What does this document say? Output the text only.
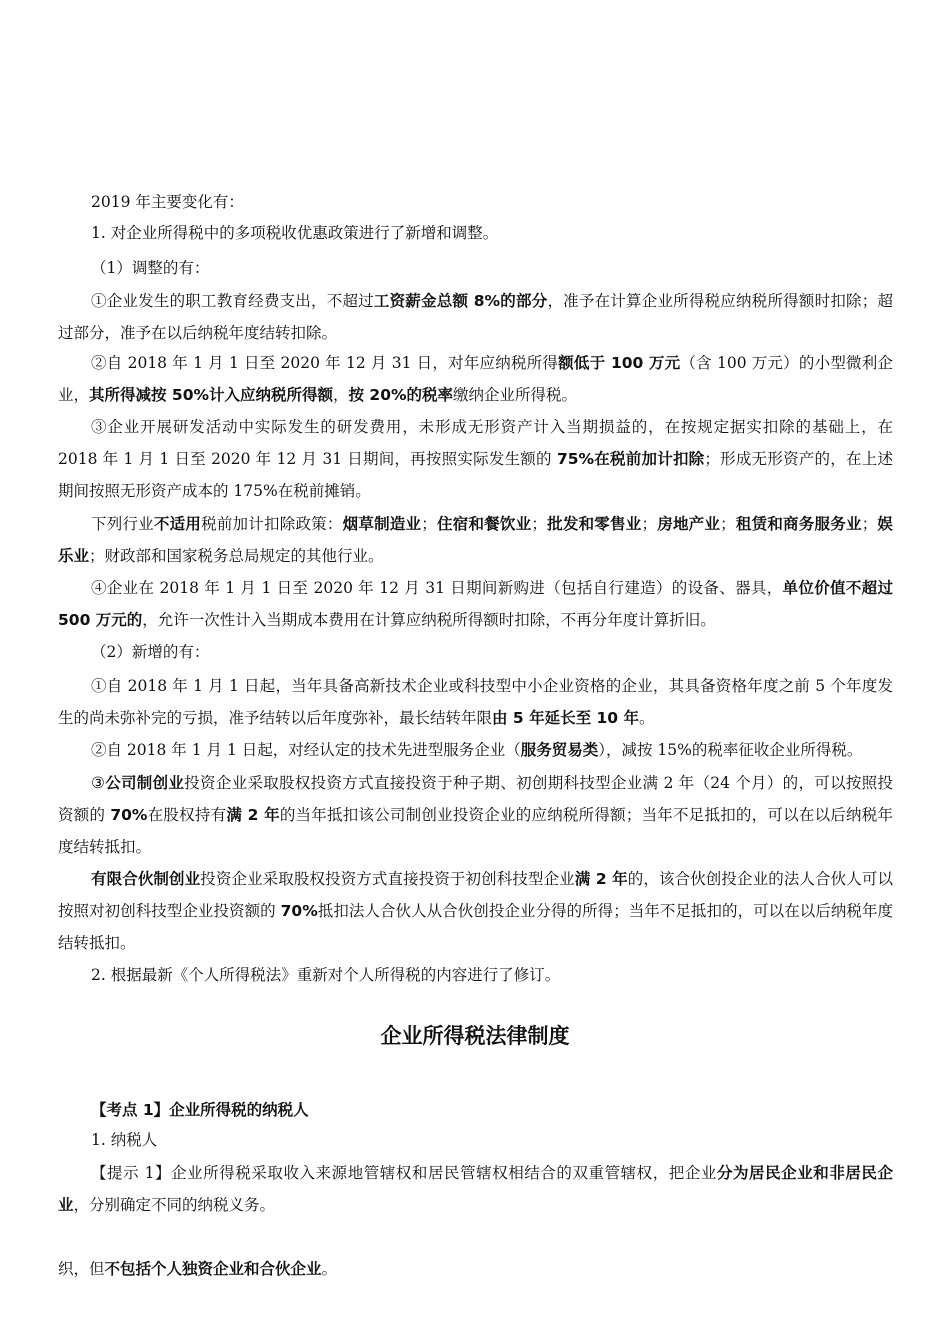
2019 年主要变化有：

1. 对企业所得税中的多项税收优惠政策进行了新增和调整。

（1）调整的有：

①企业发生的职工教育经费支出，不超过工资薪金总额 8%的部分，准予在计算企业所得税应纳税所得额时扣除；超过部分，准予在以后纳税年度结转扣除。

②自 2018 年 1 月 1 日至 2020 年 12 月 31 日，对年应纳税所得额低于 100 万元（含 100 万元）的小型微利企业，其所得减按 50%计入应纳税所得额，按 20%的税率缴纳企业所得税。

③企业开展研发活动中实际发生的研发费用，未形成无形资产计入当期损益的，在按规定据实扣除的基础上，在 2018 年 1 月 1 日至 2020 年 12 月 31 日期间，再按照实际发生额的 75%在税前加计扣除；形成无形资产的，在上述期间按照无形资产成本的 175%在税前摊销。

下列行业不适用税前加计扣除政策：烟草制造业；住宿和餐饮业；批发和零售业；房地产业；租赁和商务服务业；娱乐业；财政部和国家税务总局规定的其他行业。

④企业在 2018 年 1 月 1 日至 2020 年 12 月 31 日期间新购进（包括自行建造）的设备、器具，单位价值不超过 500 万元的，允许一次性计入当期成本费用在计算应纳税所得额时扣除，不再分年度计算折旧。

（2）新增的有：

①自 2018 年 1 月 1 日起，当年具备高新技术企业或科技型中小企业资格的企业，其具备资格年度之前 5 个年度发生的尚未弥补完的亏损，准予结转以后年度弥补，最长结转年限由 5 年延长至 10 年。

②自 2018 年 1 月 1 日起，对经认定的技术先进型服务企业（服务贸易类），减按 15%的税率征收企业所得税。

③公司制创业投资企业采取股权投资方式直接投资于种子期、初创期科技型企业满 2 年（24 个月）的，可以按照投资额的 70%在股权持有满 2 年的当年抵扣该公司制创业投资企业的应纳税所得额；当年不足抵扣的，可以在以后纳税年度结转抵扣。

有限合伙制创业投资企业采取股权投资方式直接投资于初创科技型企业满 2 年的，该合伙创投企业的法人合伙人可以按照对初创科技型企业投资额的 70%抵扣法人合伙人从合伙创投企业分得的所得；当年不足抵扣的，可以在以后纳税年度结转抵扣。

2. 根据最新《个人所得税法》重新对个人所得税的内容进行了修订。

企业所得税法律制度

【考点 1】企业所得税的纳税人

1. 纳税人

【提示 1】企业所得税采取收入来源地管辖权和居民管辖权相结合的双重管辖权，把企业分为居民企业和非居民企业，分别确定不同的纳税义务。

织，但不包括个人独资企业和合伙企业。
